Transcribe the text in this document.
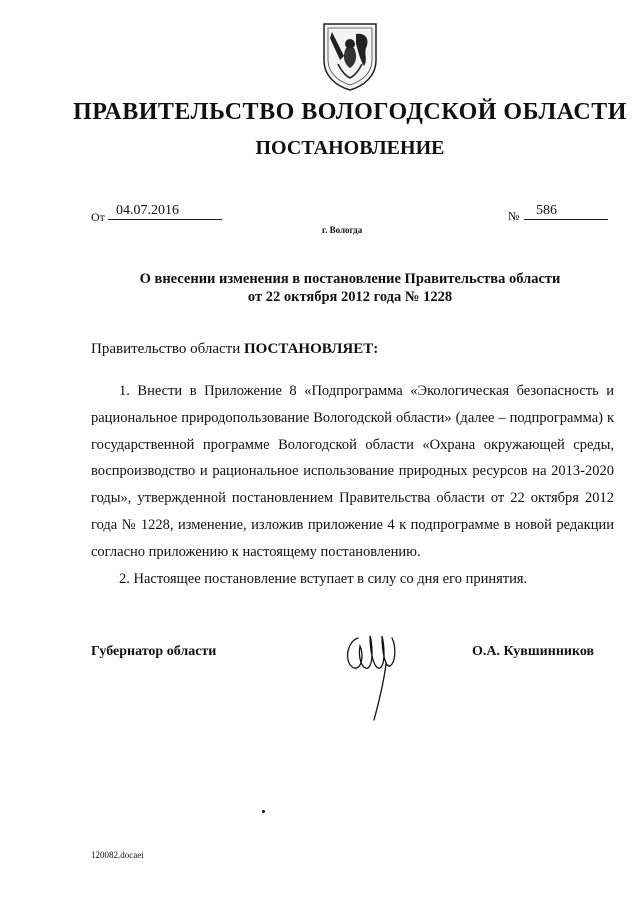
ПРАВИТЕЛЬСТВО ВОЛОГОДСКОЙ ОБЛАСТИ
ПОСТАНОВЛЕНИЕ
От 04.07.2016	№	586
г. Вологда
О внесении изменения в постановление Правительства области
от 22 октября 2012 года № 1228
Правительство области ПОСТАНОВЛЯЕТ:
1. Внести в Приложение 8 «Подпрограмма «Экологическая безопасность и рациональное природопользование Вологодской области» (далее – подпрограмма) к государственной программе Вологодской области «Охрана окружающей среды, воспроизводство и рациональное использование природных ресурсов на 2013-2020 годы», утвержденной постановлением Правительства области от 22 октября 2012 года № 1228, изменение, изложив приложение 4 к подпрограмме в новой редакции согласно приложению к настоящему постановлению.
2. Настоящее постановление вступает в силу со дня его принятия.
Губернатор области	О.А. Кувшинников
120082.docaei
